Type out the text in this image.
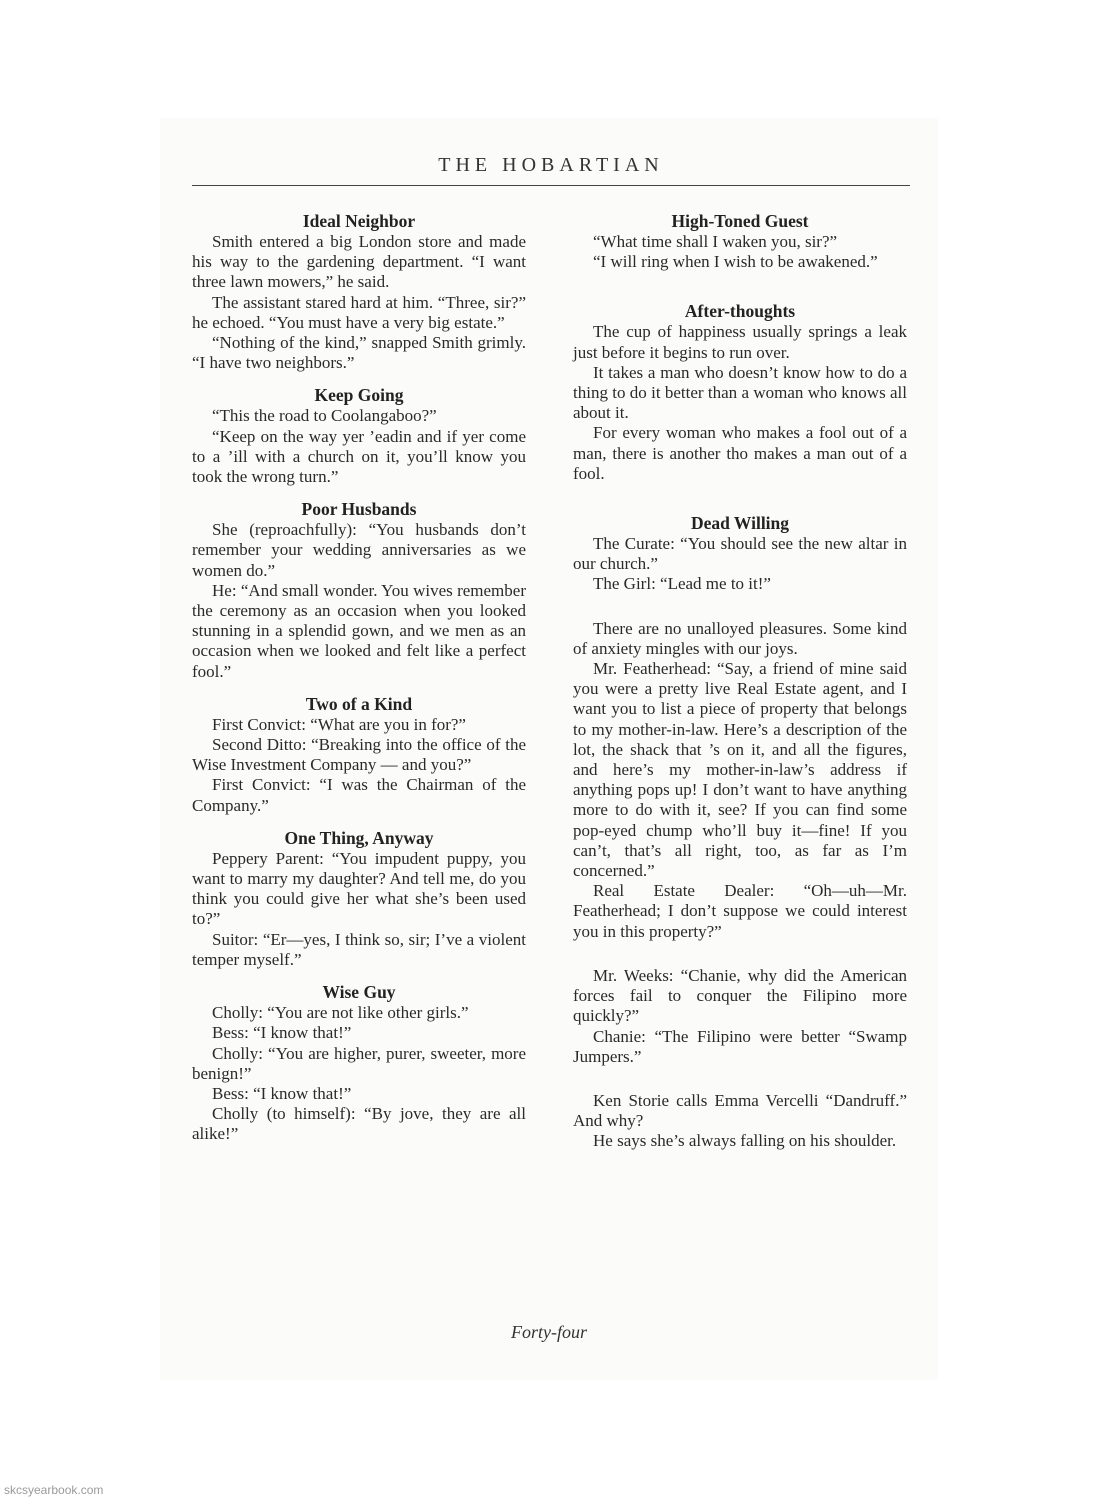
THE HOBARTIAN
Ideal Neighbor

Smith entered a big London store and made his way to the gardening department. “I want three lawn mowers,” he said.

The assistant stared hard at him. “Three, sir?” he echoed. “You must have a very big estate.”

“Nothing of the kind,” snapped Smith grimly. “I have two neighbors.”

Keep Going

“This the road to Coolangaboo?”

“Keep on the way yer ’eadin and if yer come to a ’ill with a church on it, you’ll know you took the wrong turn.”

Poor Husbands

She (reproachfully): “You husbands don’t remember your wedding anniversaries as we women do.”

He: “And small wonder. You wives remember the ceremony as an occasion when you looked stunning in a splendid gown, and we men as an occasion when we looked and felt like a perfect fool.”

Two of a Kind

First Convict: “What are you in for?”

Second Ditto: “Breaking into the office of the Wise Investment Company — and you?”

First Convict: “I was the Chairman of the Company.”

One Thing, Anyway

Peppery Parent: “You impudent puppy, you want to marry my daughter? And tell me, do you think you could give her what she’s been used to?”

Suitor: “Er—yes, I think so, sir; I’ve a violent temper myself.”

Wise Guy

Cholly: “You are not like other girls.”

Bess: “I know that!”

Cholly: “You are higher, purer, sweeter, more benign!”

Bess: “I know that!”

Cholly (to himself): “By jove, they are all alike!”

High-Toned Guest

“What time shall I waken you, sir?”

“I will ring when I wish to be awakened.”

After-thoughts

The cup of happiness usually springs a leak just before it begins to run over.

It takes a man who doesn’t know how to do a thing to do it better than a woman who knows all about it.

For every woman who makes a fool out of a man, there is another tho makes a man out of a fool.

Dead Willing

The Curate: “You should see the new altar in our church.”

The Girl: “Lead me to it!”

There are no unalloyed pleasures. Some kind of anxiety mingles with our joys.

Mr. Featherhead: “Say, a friend of mine said you were a pretty live Real Estate agent, and I want you to list a piece of property that belongs to my mother-in-law. Here’s a description of the lot, the shack that ’s on it, and all the figures, and here’s my mother-in-law’s address if anything pops up! I don’t want to have anything more to do with it, see? If you can find some pop-eyed chump who’ll buy it—fine! If you can’t, that’s all right, too, as far as I’m concerned.”

Real Estate Dealer: “Oh—uh—Mr. Featherhead; I don’t suppose we could interest you in this property?”

Mr. Weeks: “Chanie, why did the American forces fail to conquer the Filipino more quickly?”

Chanie: “The Filipino were better “Swamp Jumpers.”

Ken Storie calls Emma Vercelli “Dandruff.” And why?

He says she’s always falling on his shoulder.

Forty-four
skcsyearbook.com
